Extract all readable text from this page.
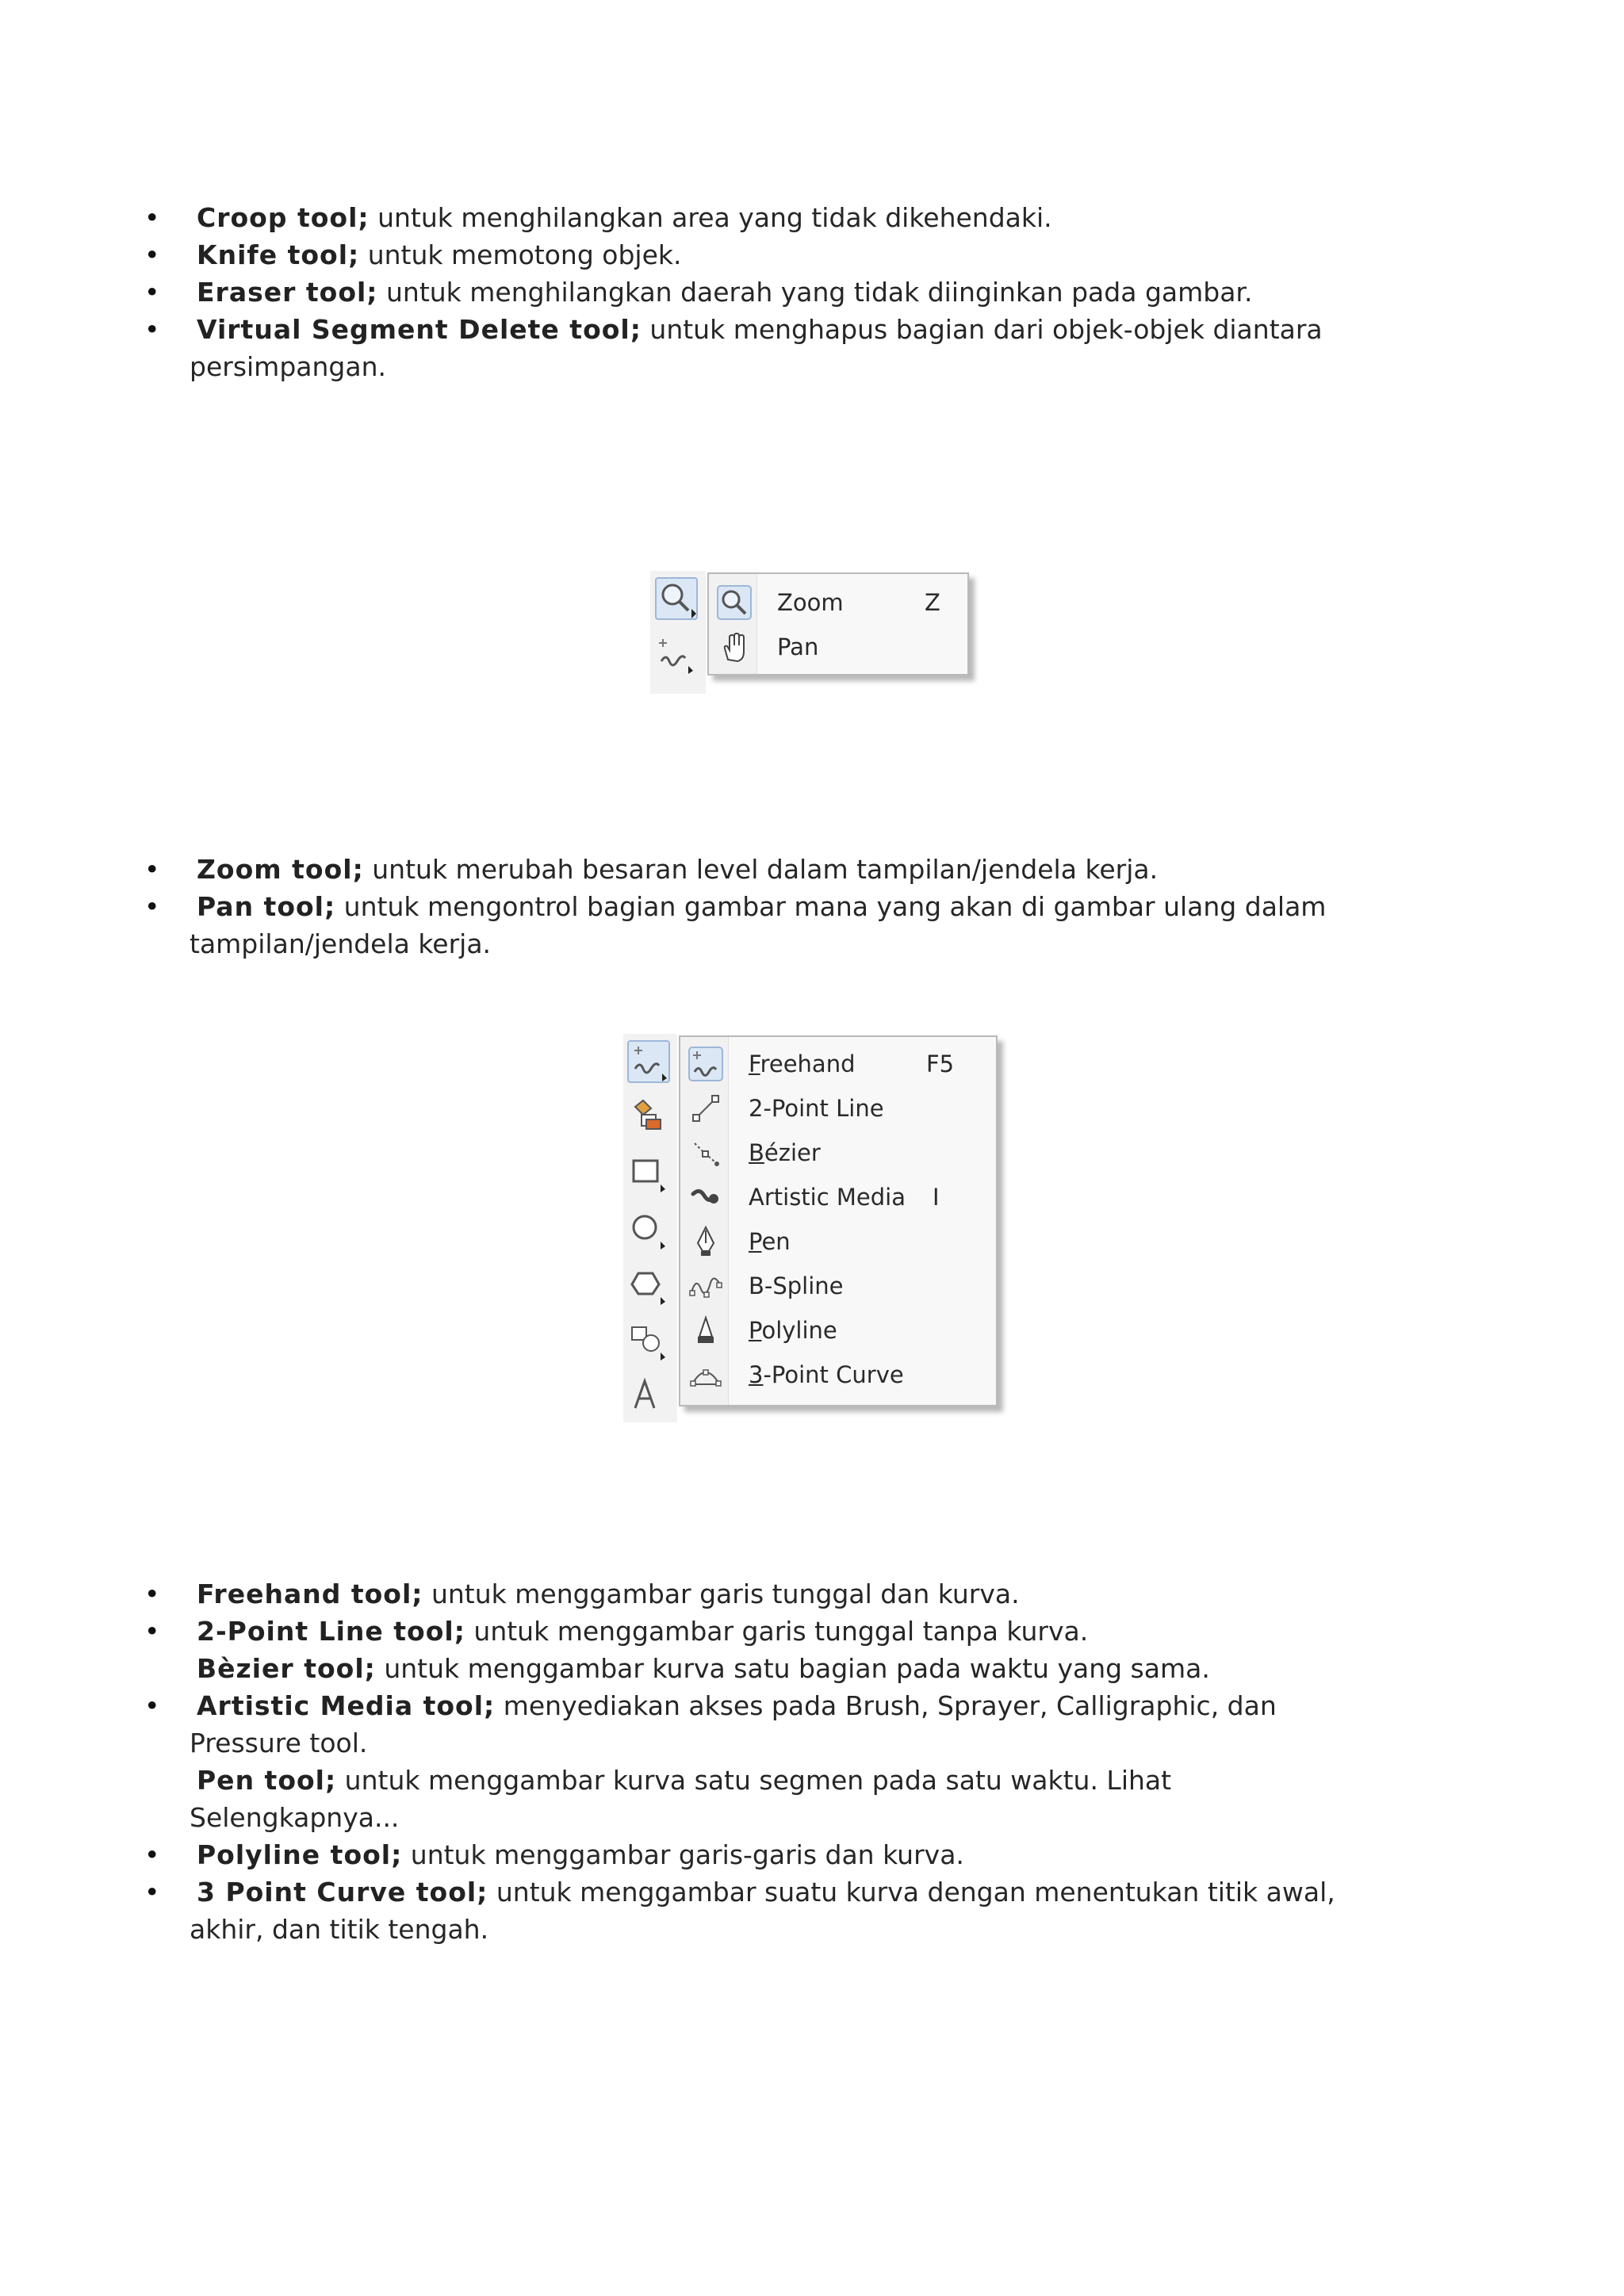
• Croop tool; untuk menghilangkan area yang tidak dikehendaki.
• Knife tool; untuk memotong objek.
• Eraser tool; untuk menghilangkan daerah yang tidak diinginkan pada gambar.
• Virtual Segment Delete tool; untuk menghapus bagian dari objek-objek diantara
persimpangan.
Zoom	Z
Pan
• Zoom tool; untuk merubah besaran level dalam tampilan/jendela kerja.
• Pan tool; untuk mengontrol bagian gambar mana yang akan di gambar ulang dalam
tampilan/jendela kerja.
Freehand	F5
2-Point Line
Bézier
Artistic Media I
Pen
B-Spline
Polyline
3-Point Curve
• Freehand tool; untuk menggambar garis tunggal dan kurva.
• 2-Point Line tool; untuk menggambar garis tunggal tanpa kurva.
Bèzier tool; untuk menggambar kurva satu bagian pada waktu yang sama.
• Artistic Media tool; menyediakan akses pada Brush, Sprayer, Calligraphic, dan
Pressure tool.
Pen tool; untuk menggambar kurva satu segmen pada satu waktu. Lihat
Selengkapnya...
• Polyline tool; untuk menggambar garis-garis dan kurva.
• 3 Point Curve tool; untuk menggambar suatu kurva dengan menentukan titik awal,
akhir, dan titik tengah.
